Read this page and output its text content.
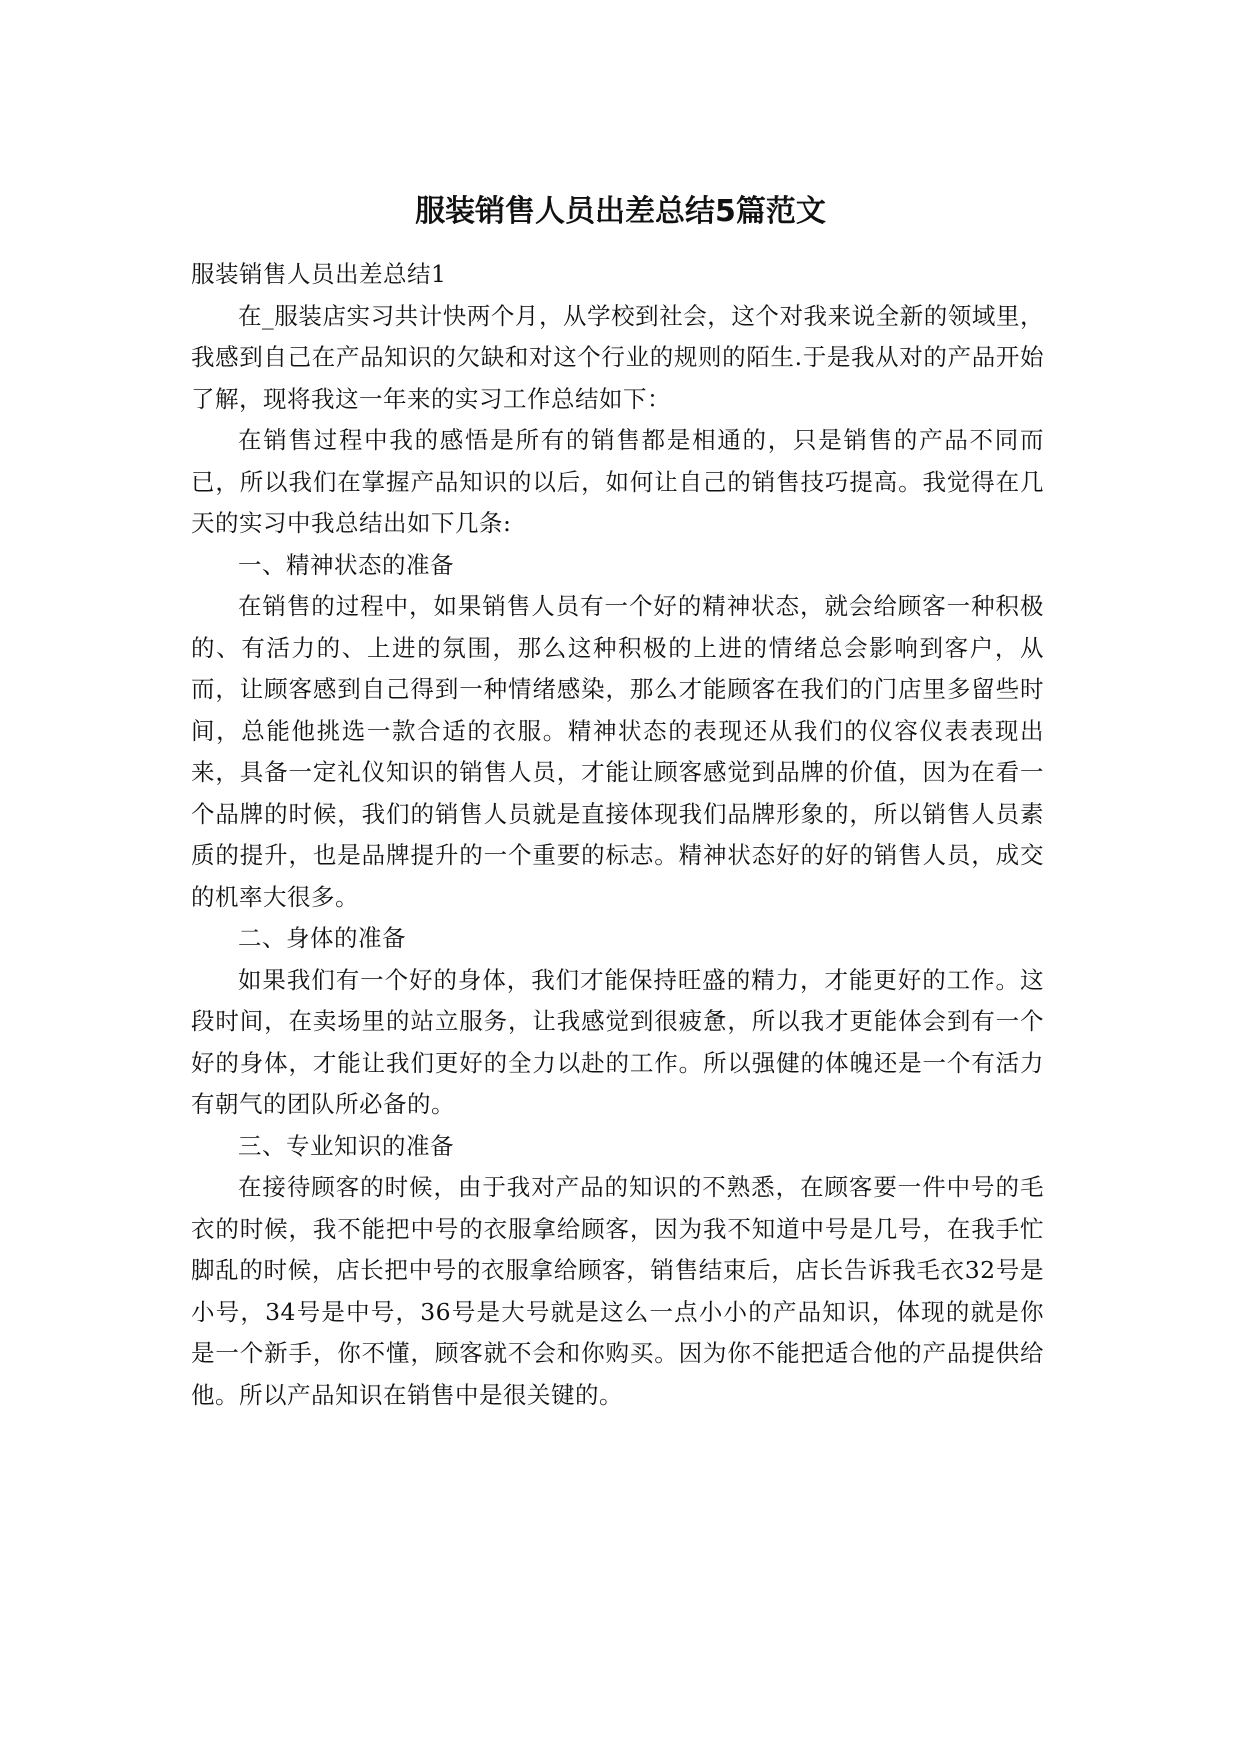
服装销售人员出差总结5篇范文

服装销售人员出差总结1

在_服装店实习共计快两个月，从学校到社会，这个对我来说全新的领域里，我感到自己在产品知识的欠缺和对这个行业的规则的陌生.于是我从对的产品开始了解，现将我这一年来的实习工作总结如下：

在销售过程中我的感悟是所有的销售都是相通的，只是销售的产品不同而已，所以我们在掌握产品知识的以后，如何让自己的销售技巧提高。我觉得在几天的实习中我总结出如下几条:

一、精神状态的准备

在销售的过程中，如果销售人员有一个好的精神状态，就会给顾客一种积极的、有活力的、上进的氛围，那么这种积极的上进的情绪总会影响到客户，从而，让顾客感到自己得到一种情绪感染，那么才能顾客在我们的门店里多留些时间，总能他挑选一款合适的衣服。精神状态的表现还从我们的仪容仪表表现出来，具备一定礼仪知识的销售人员，才能让顾客感觉到品牌的价值，因为在看一个品牌的时候，我们的销售人员就是直接体现我们品牌形象的，所以销售人员素质的提升，也是品牌提升的一个重要的标志。精神状态好的好的销售人员，成交的机率大很多。

二、身体的准备

如果我们有一个好的身体，我们才能保持旺盛的精力，才能更好的工作。这段时间，在卖场里的站立服务，让我感觉到很疲惫，所以我才更能体会到有一个好的身体，才能让我们更好的全力以赴的工作。所以强健的体魄还是一个有活力有朝气的团队所必备的。

三、专业知识的准备

在接待顾客的时候，由于我对产品的知识的不熟悉，在顾客要一件中号的毛衣的时候，我不能把中号的衣服拿给顾客，因为我不知道中号是几号，在我手忙脚乱的时候，店长把中号的衣服拿给顾客，销售结束后，店长告诉我毛衣32号是小号，34号是中号，36号是大号就是这么一点小小的产品知识，体现的就是你是一个新手，你不懂，顾客就不会和你购买。因为你不能把适合他的产品提供给他。所以产品知识在销售中是很关键的。
